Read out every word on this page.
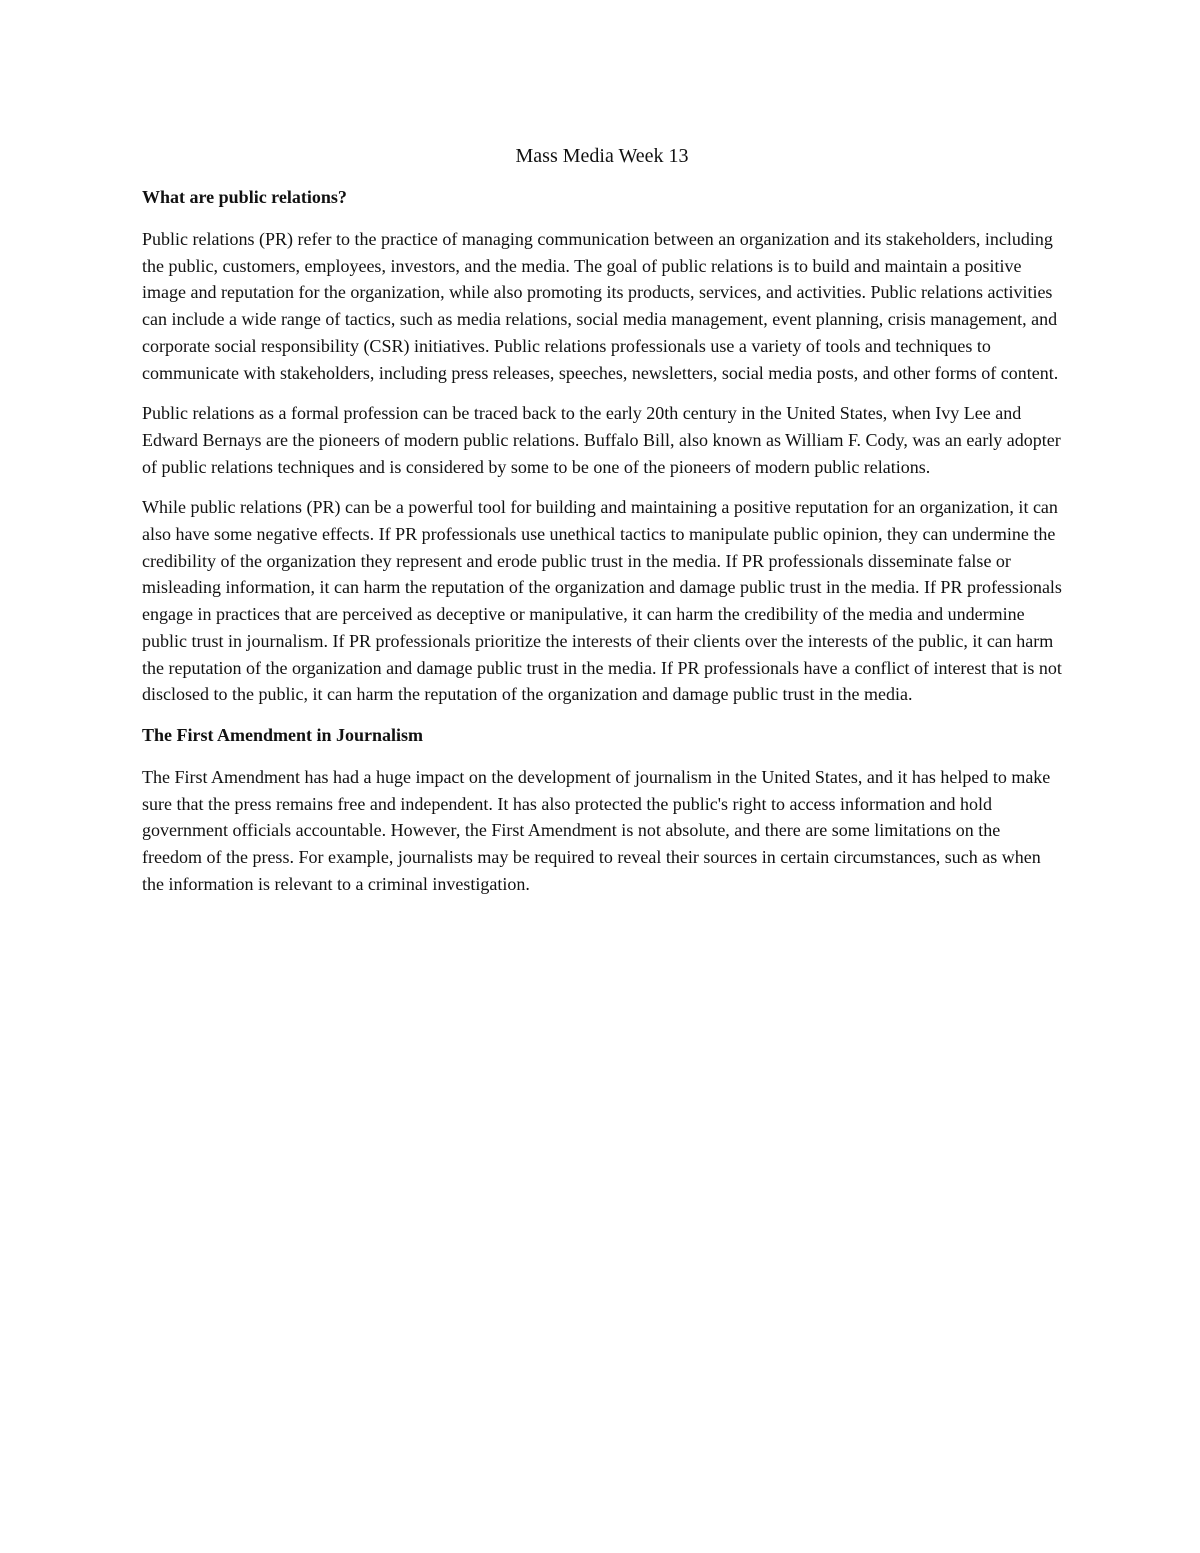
Mass Media Week 13
What are public relations?

Public relations (PR) refer to the practice of managing communication between an organization and its stakeholders, including the public, customers, employees, investors, and the media. The goal of public relations is to build and maintain a positive image and reputation for the organization, while also promoting its products, services, and activities. Public relations activities can include a wide range of tactics, such as media relations, social media management, event planning, crisis management, and corporate social responsibility (CSR) initiatives. Public relations professionals use a variety of tools and techniques to communicate with stakeholders, including press releases, speeches, newsletters, social media posts, and other forms of content.

Public relations as a formal profession can be traced back to the early 20th century in the United States, when Ivy Lee and Edward Bernays are the pioneers of modern public relations. Buffalo Bill, also known as William F. Cody, was an early adopter of public relations techniques and is considered by some to be one of the pioneers of modern public relations.

While public relations (PR) can be a powerful tool for building and maintaining a positive reputation for an organization, it can also have some negative effects. If PR professionals use unethical tactics to manipulate public opinion, they can undermine the credibility of the organization they represent and erode public trust in the media. If PR professionals disseminate false or misleading information, it can harm the reputation of the organization and damage public trust in the media. If PR professionals engage in practices that are perceived as deceptive or manipulative, it can harm the credibility of the media and undermine public trust in journalism. If PR professionals prioritize the interests of their clients over the interests of the public, it can harm the reputation of the organization and damage public trust in the media. If PR professionals have a conflict of interest that is not disclosed to the public, it can harm the reputation of the organization and damage public trust in the media.

The First Amendment in Journalism

The First Amendment has had a huge impact on the development of journalism in the United States, and it has helped to make sure that the press remains free and independent. It has also protected the public's right to access information and hold government officials accountable. However, the First Amendment is not absolute, and there are some limitations on the freedom of the press. For example, journalists may be required to reveal their sources in certain circumstances, such as when the information is relevant to a criminal investigation.
